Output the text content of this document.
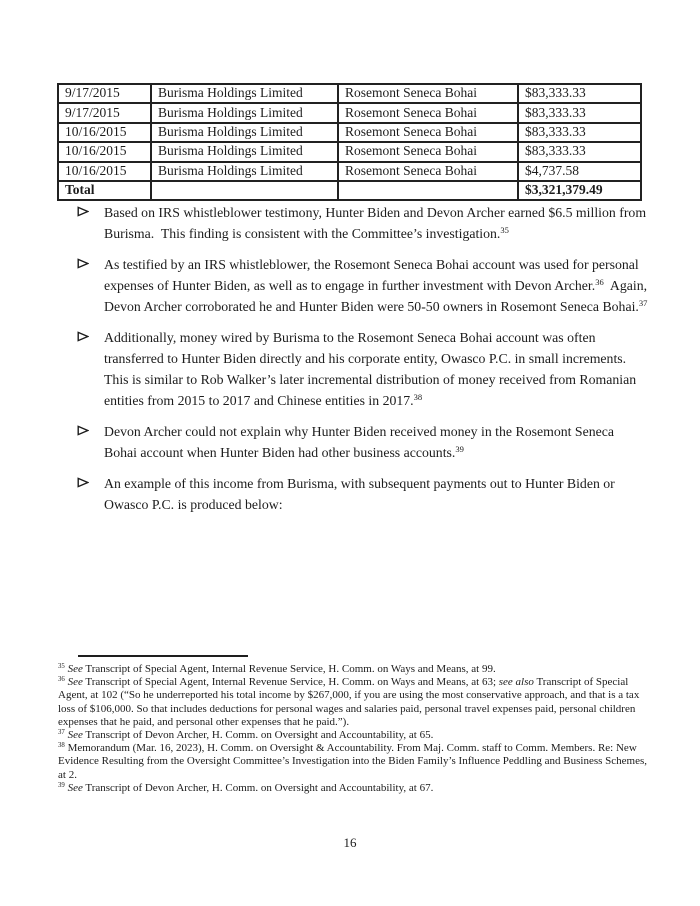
9/17/2015	Burisma Holdings Limited	Rosemont Seneca Bohai	$83,333.33
9/17/2015	Burisma Holdings Limited	Rosemont Seneca Bohai	$83,333.33
10/16/2015	Burisma Holdings Limited	Rosemont Seneca Bohai	$83,333.33
10/16/2015	Burisma Holdings Limited	Rosemont Seneca Bohai	$83,333.33
10/16/2015	Burisma Holdings Limited	Rosemont Seneca Bohai	$4,737.58
Total			$3,321,379.49
Based on IRS whistleblower testimony, Hunter Biden and Devon Archer earned $6.5 million from Burisma.  This finding is consistent with the Committee’s investigation.$^{35}$
As testified by an IRS whistleblower, the Rosemont Seneca Bohai account was used for personal expenses of Hunter Biden, as well as to engage in further investment with Devon Archer.$^{36}$  Again, Devon Archer corroborated he and Hunter Biden were 50-50 owners in Rosemont Seneca Bohai.$^{37}$
Additionally, money wired by Burisma to the Rosemont Seneca Bohai account was often transferred to Hunter Biden directly and his corporate entity, Owasco P.C. in small increments.  This is similar to Rob Walker’s later incremental distribution of money received from Romanian entities from 2015 to 2017 and Chinese entities in 2017.38
Devon Archer could not explain why Hunter Biden received money in the Rosemont Seneca Bohai account when Hunter Biden had other business accounts.$^{39}$
An example of this income from Burisma, with subsequent payments out to Hunter Biden or Owasco P.C. is produced below:

$^{35}$ See Transcript of Special Agent, Internal Revenue Service, H. Comm. on Ways and Means, at 99.

$^{36}$ See Transcript of Special Agent, Internal Revenue Service, H. Comm. on Ways and Means, at 63; see also Transcript of Special Agent, at 102 (“So he underreported his total income by $267,000, if you are using the most conservative approach, and that is a tax loss of $106,000. So that includes deductions for personal wages and salaries paid, personal travel expenses paid, personal children expenses that he paid, and personal other expenses that he paid.”).

$^{37}$ See Transcript of Devon Archer, H. Comm. on Oversight and Accountability, at 65.

$^{38}$ Memorandum (Mar. 16, 2023), H. Comm. on Oversight & Accountability. From Maj. Comm. staff to Comm. Members. Re: New Evidence Resulting from the Oversight Committee’s Investigation into the Biden Family’s Influence Peddling and Business Schemes, at 2.

$^{39}$ See Transcript of Devon Archer, H. Comm. on Oversight and Accountability, at 67.

16
